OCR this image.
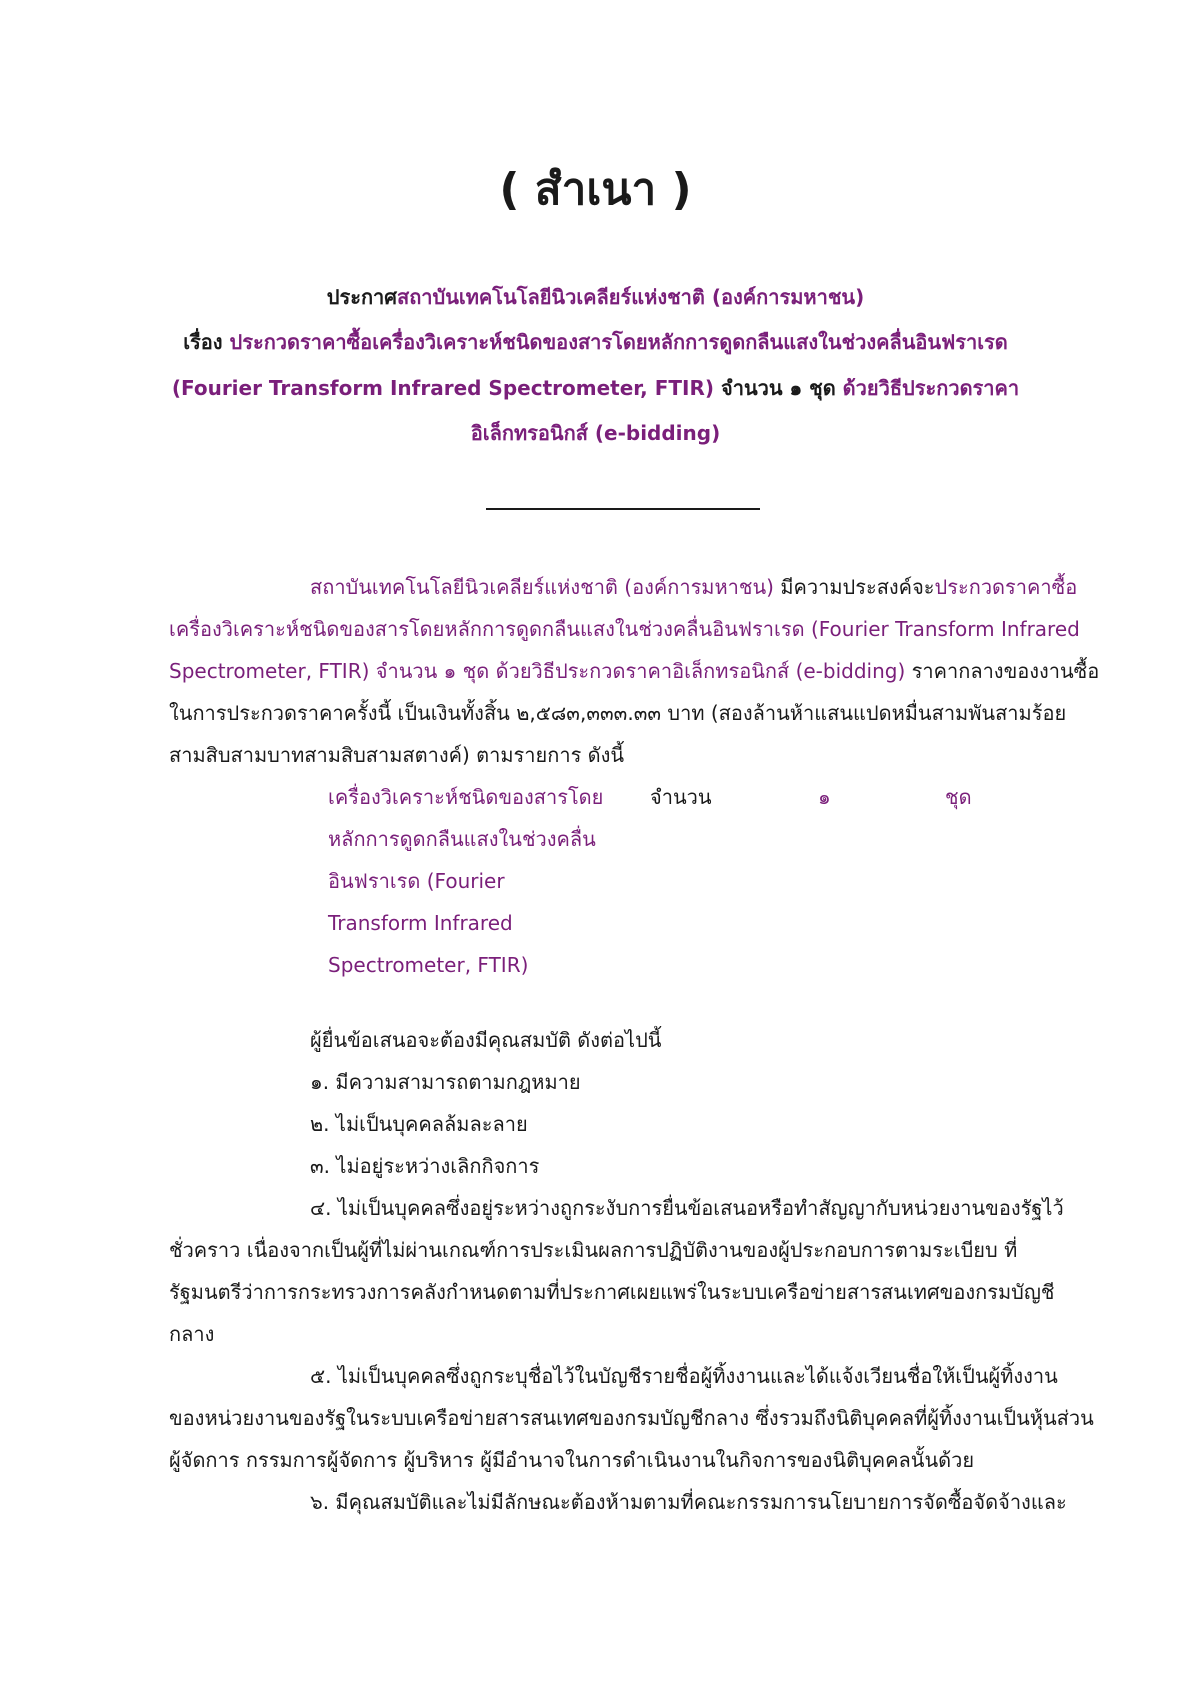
( สำเนา )
ประกาศสถาบันเทคโนโลยีนิวเคลียร์แห่งชาติ (องค์การมหาชน)
เรื่อง ประกวดราคาซื้อเครื่องวิเคราะห์ชนิดของสารโดยหลักการดูดกลืนแสงในช่วงคลื่นอินฟราเรด
(Fourier Transform Infrared Spectrometer, FTIR) จำนวน ๑ ชุด ด้วยวิธีประกวดราคา
อิเล็กทรอนิกส์ (e-bidding)
สถาบันเทคโนโลยีนิวเคลียร์แห่งชาติ (องค์การมหาชน) มีความประสงค์จะประกวดราคาซื้อ
เครื่องวิเคราะห์ชนิดของสารโดยหลักการดูดกลืนแสงในช่วงคลื่นอินฟราเรด (Fourier Transform Infrared
Spectrometer, FTIR) จำนวน ๑ ชุด ด้วยวิธีประกวดราคาอิเล็กทรอนิกส์ (e-bidding) ราคากลางของงานซื้อ
ในการประกวดราคาครั้งนี้ เป็นเงินทั้งสิ้น ๒,๕๘๓,๓๓๓.๓๓ บาท (สองล้านห้าแสนแปดหมื่นสามพันสามร้อย
สามสิบสามบาทสามสิบสามสตางค์) ตามรายการ ดังนี้
เครื่องวิเคราะห์ชนิดของสารโดย
หลักการดูดกลืนแสงในช่วงคลื่น
อินฟราเรด (Fourier
Transform Infrared
Spectrometer, FTIR)
จำนวน	๑	ชุด
ผู้ยื่นข้อเสนอจะต้องมีคุณสมบัติ ดังต่อไปนี้
๑. มีความสามารถตามกฎหมาย
๒. ไม่เป็นบุคคลล้มละลาย
๓. ไม่อยู่ระหว่างเลิกกิจการ
๔. ไม่เป็นบุคคลซึ่งอยู่ระหว่างถูกระงับการยื่นข้อเสนอหรือทำสัญญากับหน่วยงานของรัฐไว้
ชั่วคราว เนื่องจากเป็นผู้ที่ไม่ผ่านเกณฑ์การประเมินผลการปฏิบัติงานของผู้ประกอบการตามระเบียบ ที่
รัฐมนตรีว่าการกระทรวงการคลังกำหนดตามที่ประกาศเผยแพร่ในระบบเครือข่ายสารสนเทศของกรมบัญชี
กลาง
๕. ไม่เป็นบุคคลซึ่งถูกระบุชื่อไว้ในบัญชีรายชื่อผู้ทิ้งงานและได้แจ้งเวียนชื่อให้เป็นผู้ทิ้งงาน
ของหน่วยงานของรัฐในระบบเครือข่ายสารสนเทศของกรมบัญชีกลาง ซึ่งรวมถึงนิติบุคคลที่ผู้ทิ้งงานเป็นหุ้นส่วน
ผู้จัดการ กรรมการผู้จัดการ ผู้บริหาร ผู้มีอำนาจในการดำเนินงานในกิจการของนิติบุคคลนั้นด้วย
๖. มีคุณสมบัติและไม่มีลักษณะต้องห้ามตามที่คณะกรรมการนโยบายการจัดซื้อจัดจ้างและ
